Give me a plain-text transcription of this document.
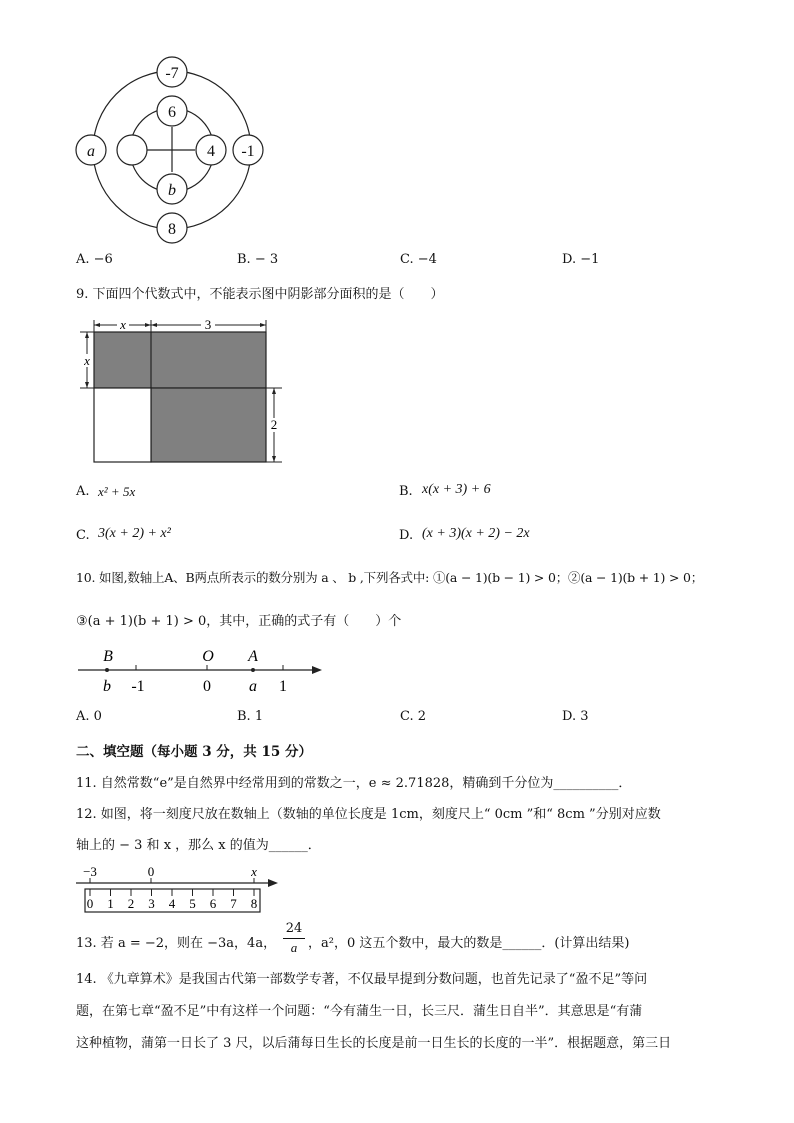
-7
6
a	4 -1
b
8
A. −6	B. − 3	C. −4	D. −1
9. 下面四个代数式中，不能表示图中阴影部分面积的是（　　）
x	3
x
2
A. x² + 5x	B. x(x + 3) + 6
C. 3(x + 2) + x²	D. (x + 3)(x + 2) − 2x
10. 如图,数轴上A、B两点所表示的数分别为 a 、 b ,下列各式中: ①(a − 1)(b − 1) > 0；②(a − 1)(b + 1) > 0；
③(a + 1)(b + 1) > 0，其中，正确的式子有（　　）个
B	O A
b -1	0 a 1
A. 0	B. 1	C. 2	D. 3
二、填空题（每小题 3 分，共 15 分）
11. 自然常数“e”是自然界中经常用到的常数之一，e ≈ 2.71828，精确到千分位为__________．
12. 如图，将一刻度尺放在数轴上（数轴的单位长度是 1cm，刻度尺上“ 0cm ”和“ 8cm ”分别对应数
轴上的 − 3 和 x ，那么 x 的值为______．
−3	0	x
0 1 2 3 4 5 6 7 8
13. 若 a = −2，则在 −3a，4a， $\frac{24}{a}$ ，a²，0 这五个数中，最大的数是______．(计算出结果)
14. 《九章算术》是我国古代第一部数学专著，不仅最早提到分数问题，也首先记录了“盈不足”等问
题，在第七章“盈不足”中有这样一个问题：“今有蒲生一日，长三尺．蒲生日自半”．其意思是“有蒲
这种植物，蒲第一日长了 3 尺，以后蒲每日生长的长度是前一日生长的长度的一半”．根据题意，第三日
